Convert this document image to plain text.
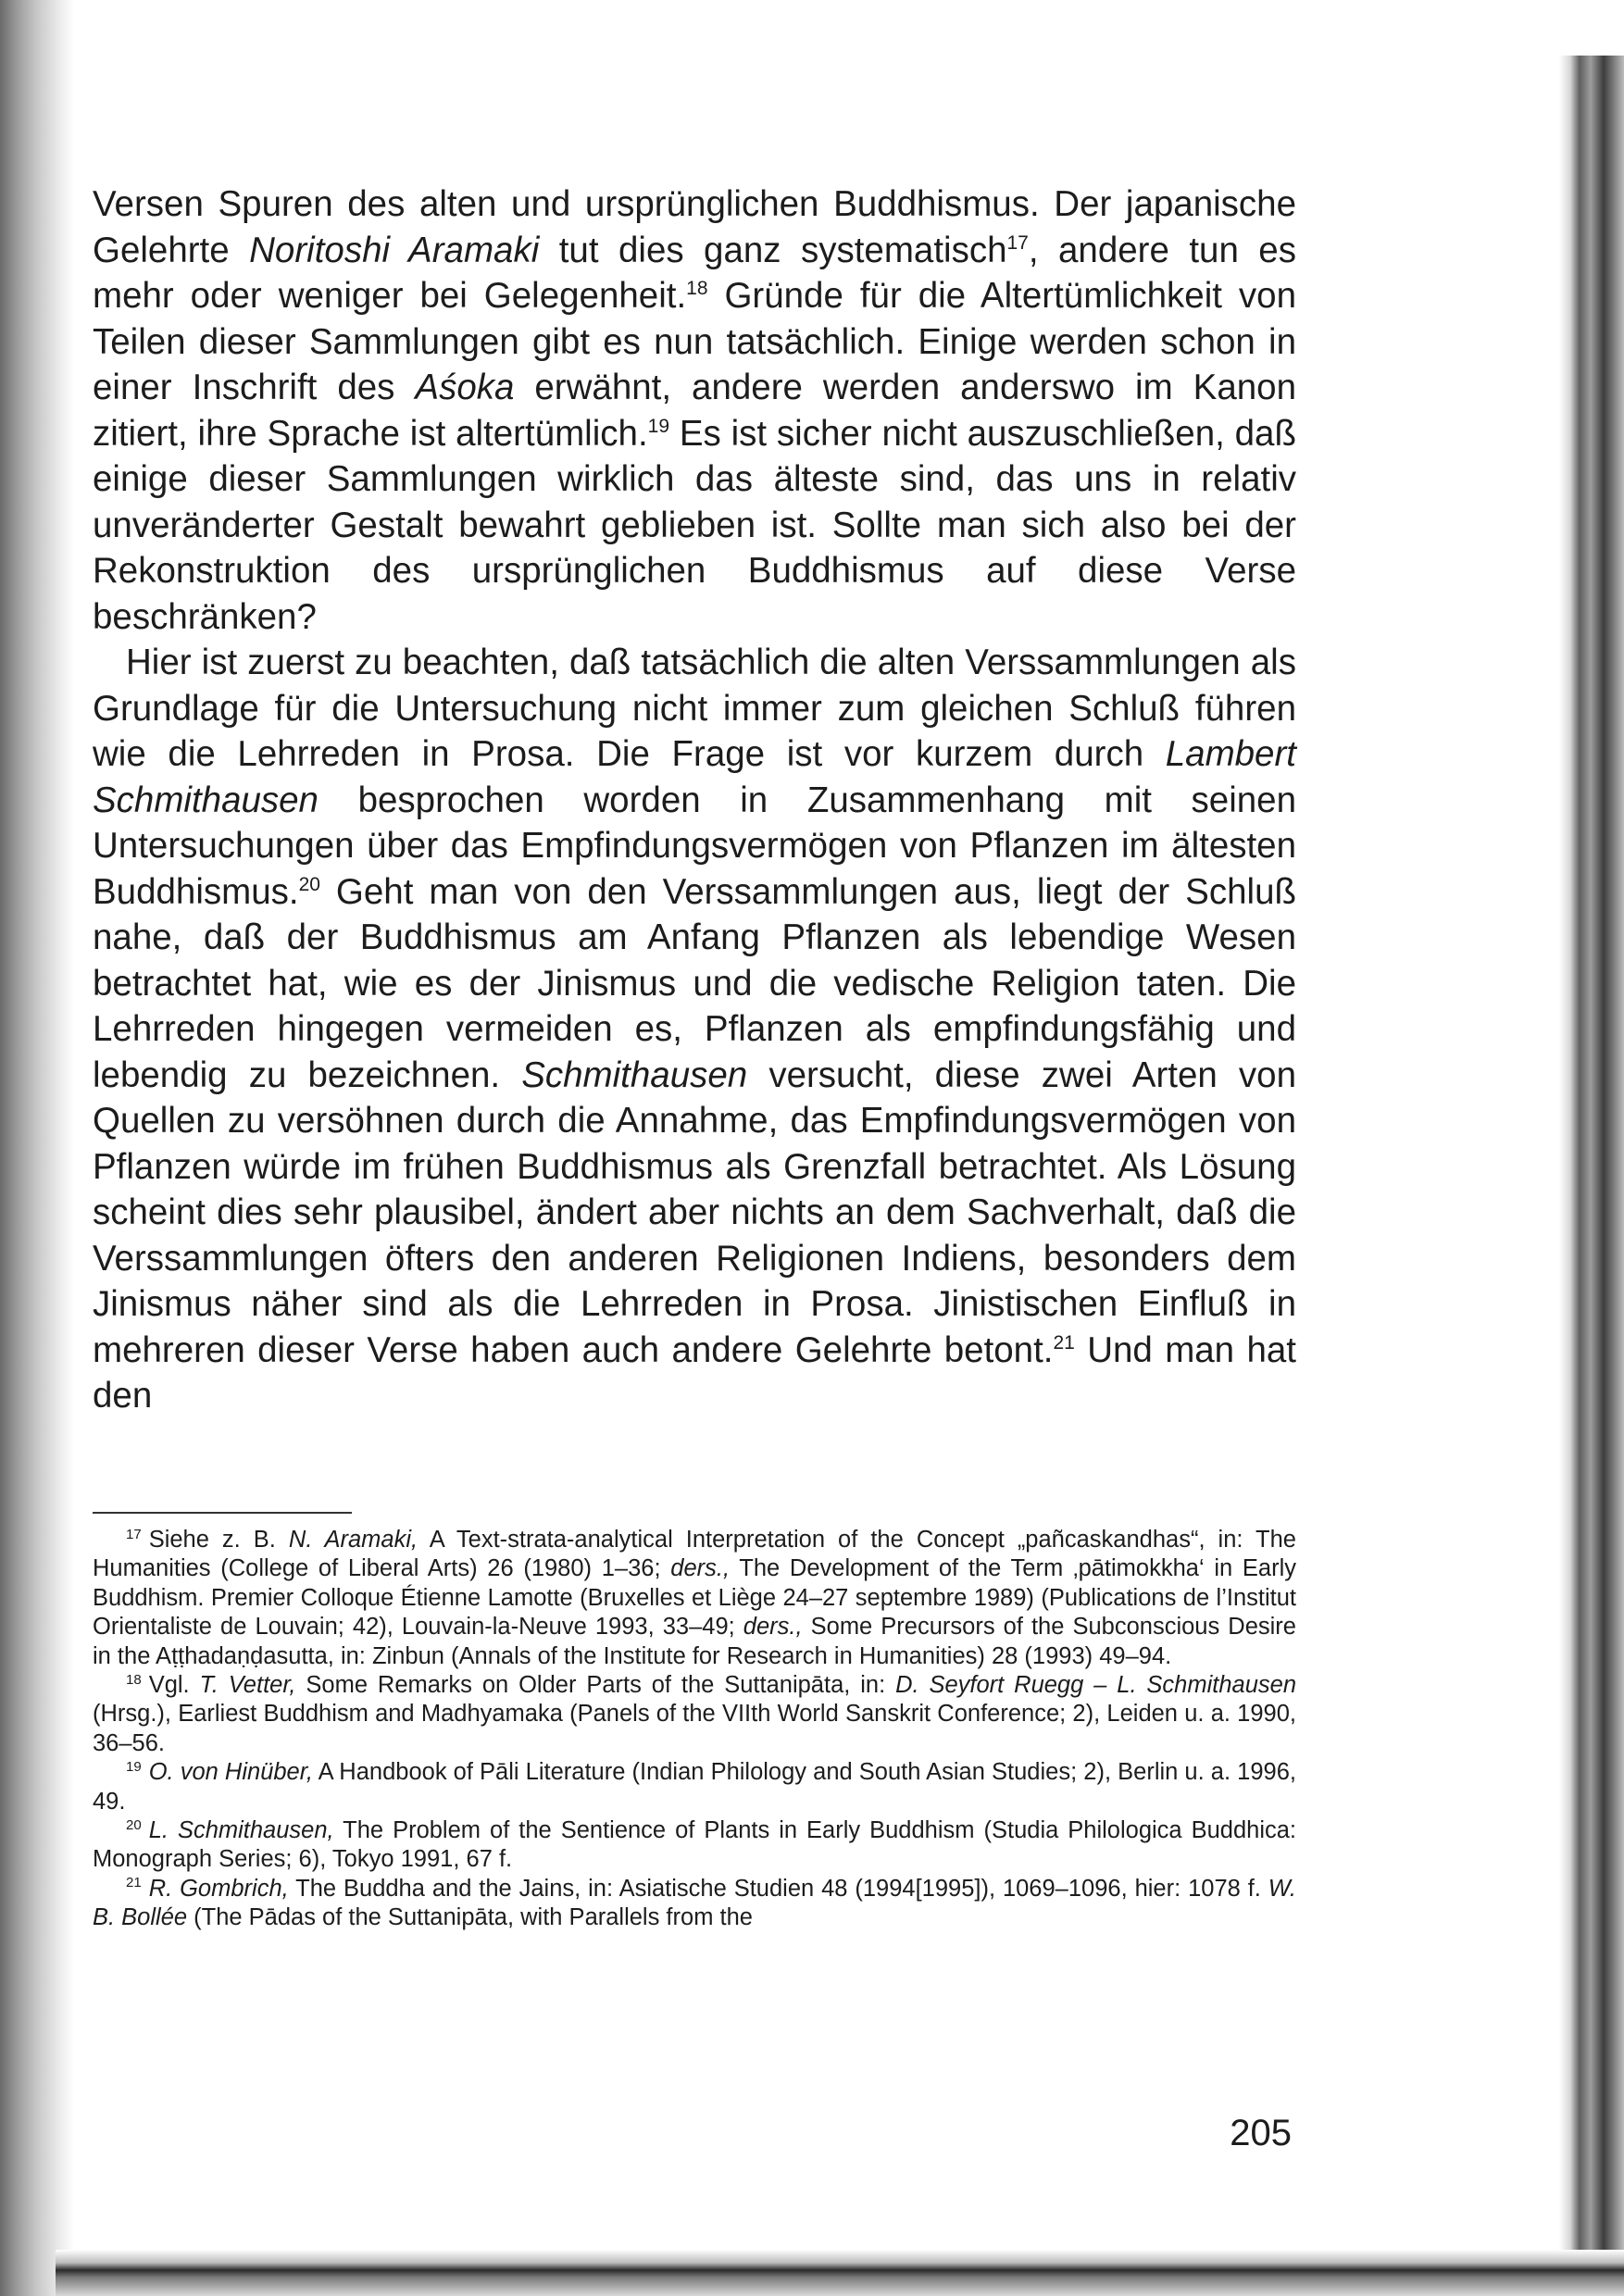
Versen Spuren des alten und ursprünglichen Buddhismus. Der japanische Gelehrte Noritoshi Aramaki tut dies ganz systematisch$^{17}$, andere tun es mehr oder weniger bei Gelegenheit.$^{18}$ Gründe für die Altertümlichkeit von Teilen dieser Sammlungen gibt es nun tatsächlich. Einige werden schon in einer Inschrift des Aśoka erwähnt, andere werden anderswo im Kanon zitiert, ihre Sprache ist altertümlich.$^{19}$ Es ist sicher nicht auszuschließen, daß einige dieser Sammlungen wirklich das älteste sind, das uns in relativ unveränderter Gestalt bewahrt geblieben ist. Sollte man sich also bei der Rekonstruktion des ursprünglichen Buddhismus auf diese Verse beschränken?

Hier ist zuerst zu beachten, daß tatsächlich die alten Verssammlungen als Grundlage für die Untersuchung nicht immer zum gleichen Schluß führen wie die Lehrreden in Prosa. Die Frage ist vor kurzem durch Lambert Schmithausen besprochen worden in Zusammenhang mit seinen Untersuchungen über das Empfindungsvermögen von Pflanzen im ältesten Buddhismus.$^{20}$ Geht man von den Verssammlungen aus, liegt der Schluß nahe, daß der Buddhismus am Anfang Pflanzen als lebendige Wesen betrachtet hat, wie es der Jinismus und die vedische Religion taten. Die Lehrreden hingegen vermeiden es, Pflanzen als empfindungsfähig und lebendig zu bezeichnen. Schmithausen versucht, diese zwei Arten von Quellen zu versöhnen durch die Annahme, das Empfindungsvermögen von Pflanzen würde im frühen Buddhismus als Grenzfall betrachtet. Als Lösung scheint dies sehr plausibel, ändert aber nichts an dem Sachverhalt, daß die Verssammlungen öfters den anderen Religionen Indiens, besonders dem Jinismus näher sind als die Lehrreden in Prosa. Jinistischen Einfluß in mehreren dieser Verse haben auch andere Gelehrte betont.$^{21}$ Und man hat den

$^{17}$ Siehe z. B. N. Aramaki, A Text-strata-analytical Interpretation of the Concept „pañcaskandhas“, in: The Humanities (College of Liberal Arts) 26 (1980) 1–36; ders., The Development of the Term ‚pātimokkha‘ in Early Buddhism. Premier Colloque Étienne Lamotte (Bruxelles et Liège 24–27 septembre 1989) (Publications de l’Institut Orientaliste de Louvain; 42), Louvain-la-Neuve 1993, 33–49; ders., Some Precursors of the Subconscious Desire in the Aṭṭhadaṇḍasutta, in: Zinbun (Annals of the Institute for Research in Humanities) 28 (1993) 49–94.

$^{18}$ Vgl. T. Vetter, Some Remarks on Older Parts of the Suttanipāta, in: D. Seyfort Ruegg – L. Schmithausen (Hrsg.), Earliest Buddhism and Madhyamaka (Panels of the VIIth World Sanskrit Conference; 2), Leiden u. a. 1990, 36–56.

$^{19}$ O. von Hinüber, A Handbook of Pāli Literature (Indian Philology and South Asian Studies; 2), Berlin u. a. 1996, 49.

$^{20}$ L. Schmithausen, The Problem of the Sentience of Plants in Early Buddhism (Studia Philologica Buddhica: Monograph Series; 6), Tokyo 1991, 67 f.

$^{21}$ R. Gombrich, The Buddha and the Jains, in: Asiatische Studien 48 (1994[1995]), 1069–1096, hier: 1078 f. W. B. Bollée (The Pādas of the Suttanipāta, with Parallels from the

205
